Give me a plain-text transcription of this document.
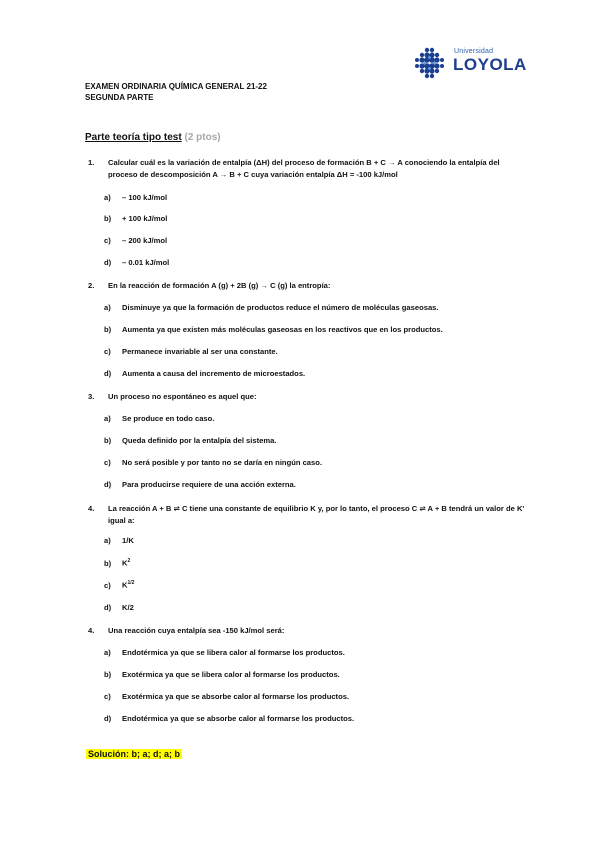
Universidad
LOYOLA
EXAMEN ORDINARIA QUÍMICA GENERAL 21-22
SEGUNDA PARTE
Parte teoría tipo test (2 ptos)
1. Calcular cuál es la variación de entalpía (ΔH) del proceso de formación B + C → A conociendo la entalpía del proceso de descomposición A → B + C cuya variación entalpía ΔH = -100 kJ/mol
a) – 100 kJ/mol
b) + 100 kJ/mol
c) – 200 kJ/mol
d) – 0.01 kJ/mol
2. En la reacción de formación A (g) + 2B (g) → C (g) la entropía:
a) Disminuye ya que la formación de productos reduce el número de moléculas gaseosas.
b) Aumenta ya que existen más moléculas gaseosas en los reactivos que en los productos.
c) Permanece invariable al ser una constante.
d) Aumenta a causa del incremento de microestados.
3. Un proceso no espontáneo es aquel que:
a) Se produce en todo caso.
b) Queda definido por la entalpía del sistema.
c) No será posible y por tanto no se daría en ningún caso.
d) Para producirse requiere de una acción externa.
4. La reacción A + B ⇌ C tiene una constante de equilibrio K y, por lo tanto, el proceso C ⇌ A + B tendrá un valor de K' igual a:
a) 1/K
b) $K^2$
c) $K^{1/2}$
d) K/2
4. Una reacción cuya entalpía sea -150 kJ/mol será:
a) Endotérmica ya que se libera calor al formarse los productos.
b) Exotérmica ya que se libera calor al formarse los productos.
c) Exotérmica ya que se absorbe calor al formarse los productos.
d) Endotérmica ya que se absorbe calor al formarse los productos.
Solución: b; a; d; a; b
